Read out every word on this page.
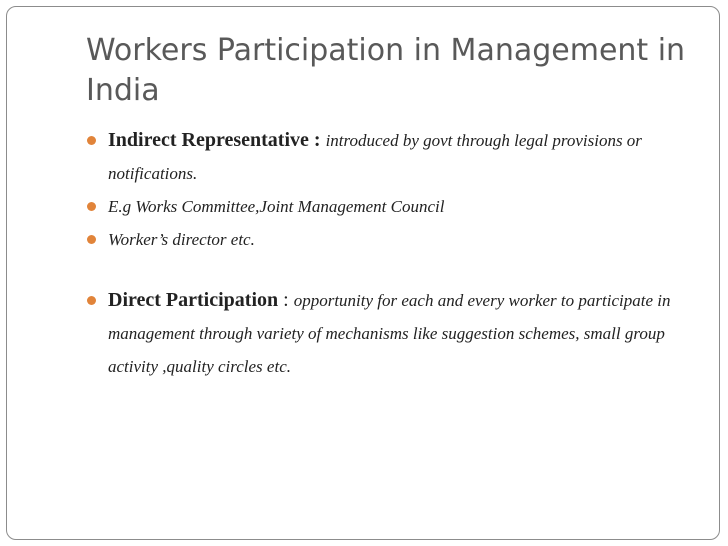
Workers Participation in Management in India
Indirect Representative : introduced by govt through legal provisions or notifications.
E.g Works Committee,Joint Management Council
Worker’s director etc.
Direct Participation : opportunity for each and every worker to participate in management through variety of mechanisms like suggestion schemes, small group activity ,quality circles etc.
